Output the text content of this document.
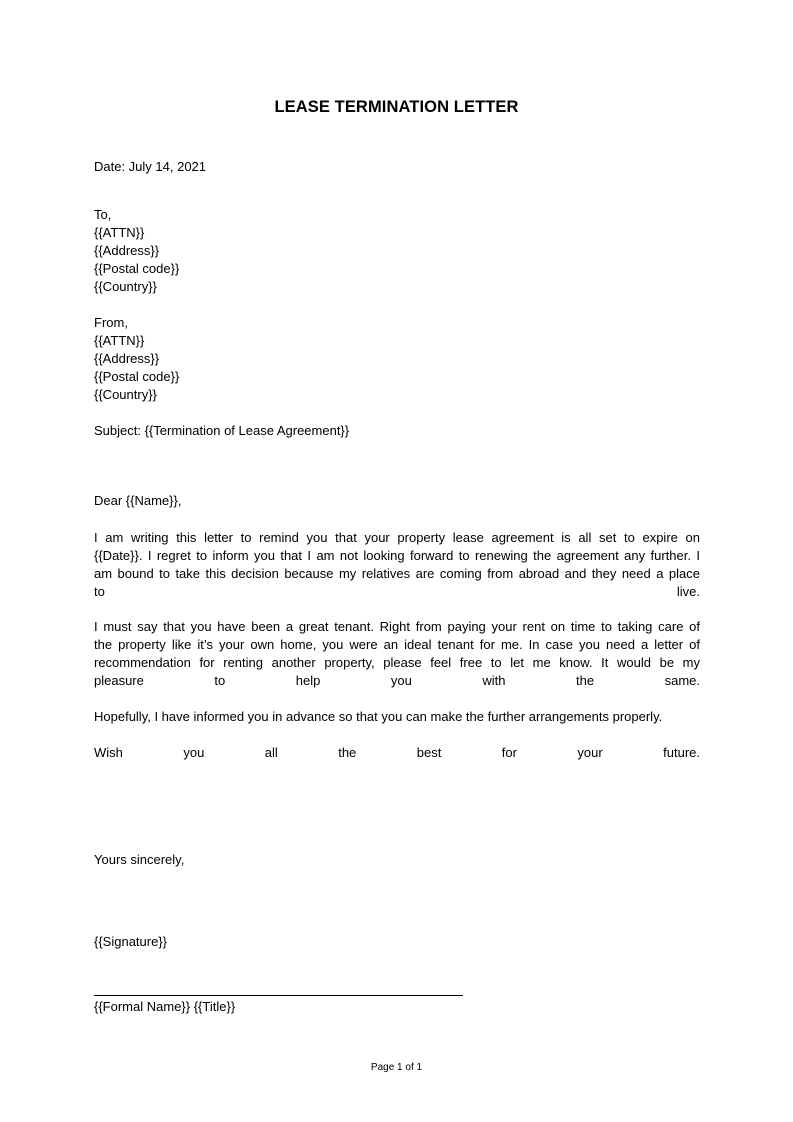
LEASE TERMINATION LETTER
Date: July 14, 2021
To,
{{ATTN}}
{{Address}}
{{Postal code}}
{{Country}}
From,
{{ATTN}}
{{Address}}
{{Postal code}}
{{Country}}
Subject: {{Termination of Lease Agreement}}
Dear {{Name}},
I am writing this letter to remind you that your property lease agreement is all set to expire on
{{Date}}. I regret to inform you that I am not looking forward to renewing the agreement any further. I
am bound to take this decision because my relatives are coming from abroad and they need a place
to live.
I must say that you have been a great tenant. Right from paying your rent on time to taking care of
the property like it’s your own home, you were an ideal tenant for me. In case you need a letter of
recommendation for renting another property, please feel free to let me know. It would be my
pleasure to help you with the same.
Hopefully, I have informed you in advance so that you can make the further arrangements properly.
Wish you all the best for your future.
Yours sincerely,
{{Signature}}
{{Formal Name}} {{Title}}
Page 1 of 1
